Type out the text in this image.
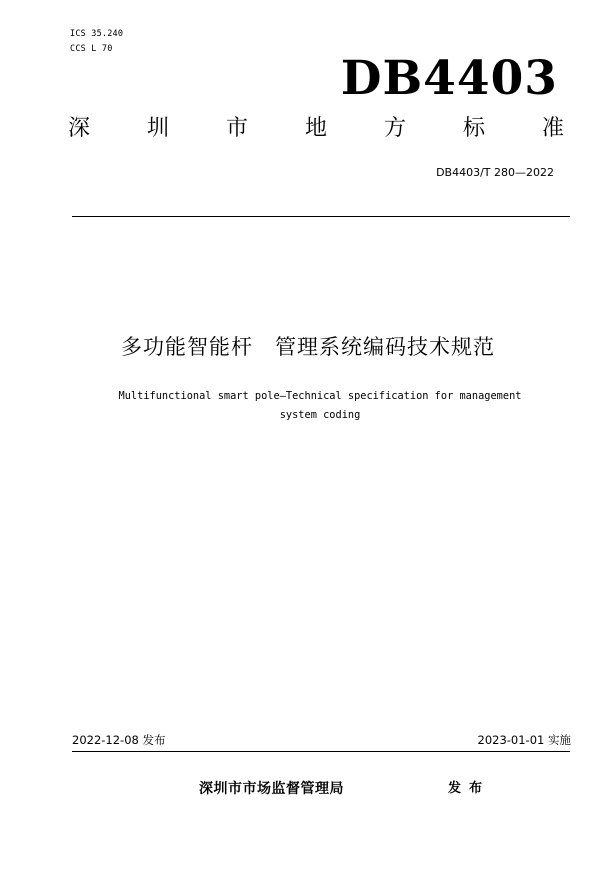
ICS 35.240
CCS L 70
DB4403
深	圳	市	地	方	标	准
DB4403/T 280—2022
多功能智能杆　管理系统编码技术规范
Multifunctional smart pole—Technical specification for management
system coding
2022-12-08 发布	2023-01-01 实施
深圳市市场监督管理局	发布
